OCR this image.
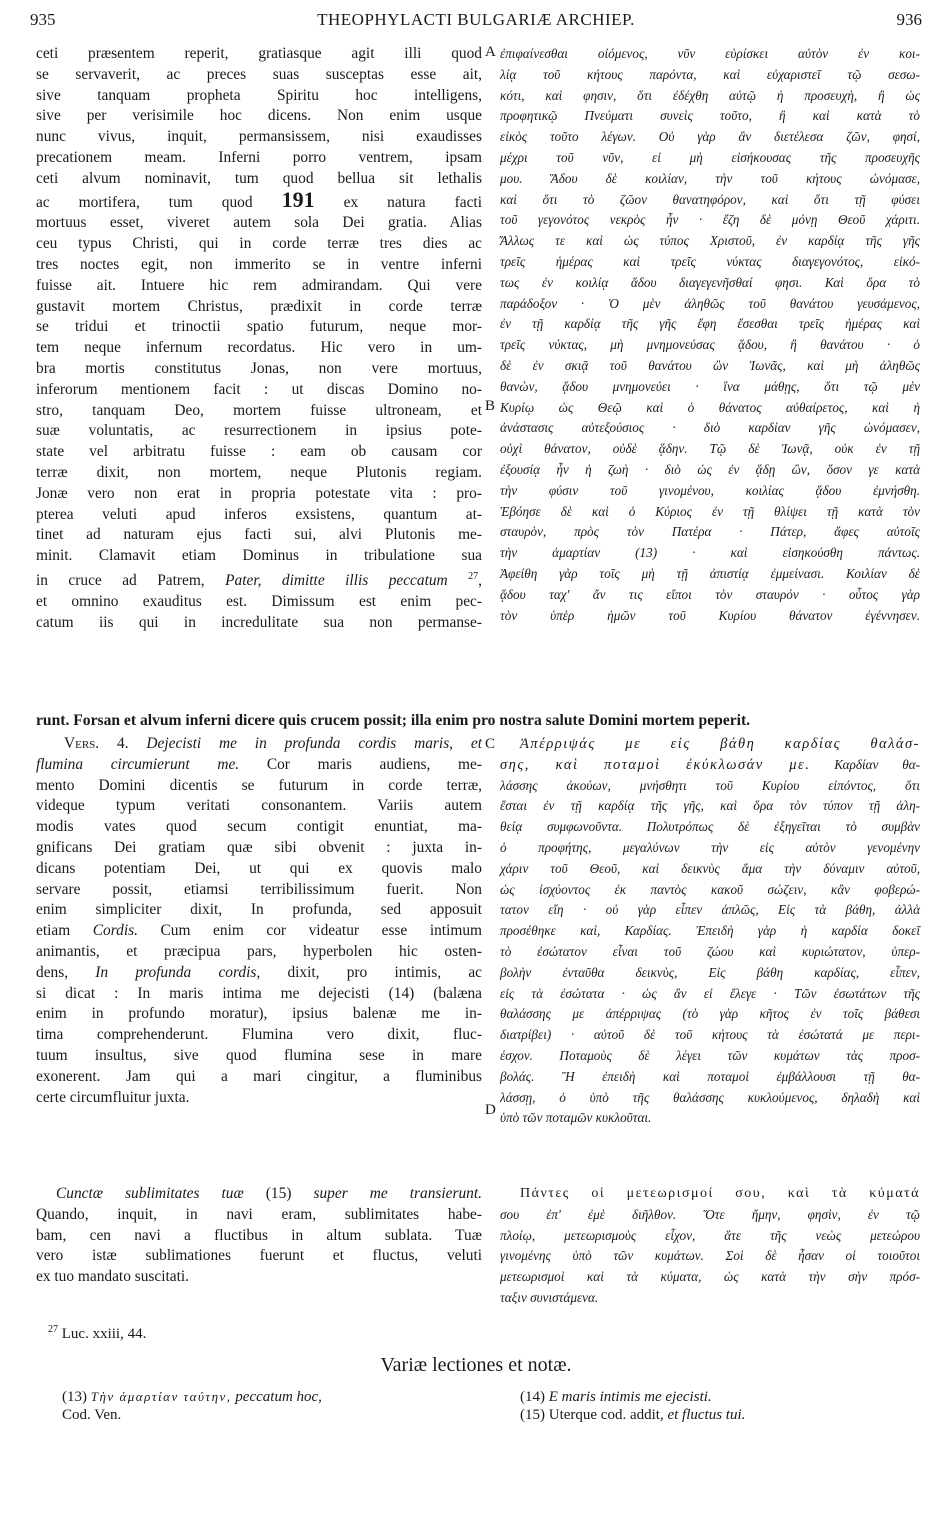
935	THEOPHYLACTI BULGARIÆ ARCHIEP.	936
ceti præsentem reperit, gratiasque agit illi quod
se servaverit, ac preces suas susceptas esse ait,
sive tanquam propheta Spiritu hoc intelligens,
sive per verisimile hoc dicens. Non enim usque
nunc vivus, inquit, permansissem, nisi exaudisses
precationem meam. Inferni porro ventrem, ipsam
ceti alvum nominavit, tum quod bellua sit lethalis
ac mortifera, tum quod 191 ex natura facti
mortuus esset, viveret autem sola Dei gratia. Alias
ceu typus Christi, qui in corde terræ tres dies ac
tres noctes egit, non immerito se in ventre inferni
fuisse ait. Intuere hic rem admirandam. Qui vere
gustavit mortem Christus, prædixit in corde terræ
se tridui et trinoctii spatio futurum, neque mor-
tem neque infernum recordatus. Hic vero in um-
bra mortis constitutus Jonas, non vere mortuus,
inferorum mentionem facit : ut discas Domino no-
stro, tanquam Deo, mortem fuisse ultroneam, et
suæ voluntatis, ac resurrectionem in ipsius pote-
state vel arbitratu fuisse : eam ob causam cor
terræ dixit, non mortem, neque Plutonis regiam.
Jonæ vero non erat in propria potestate vita : pro-
pterea veluti apud inferos exsistens, quantum at-
tinet ad naturam ejus facti sui, alvi Plutonis me-
minit. Clamavit etiam Dominus in tribulatione sua
in cruce ad Patrem, Pater, dimitte illis peccatum $^{27}$,
et omnino exauditus est. Dimissum est enim pec-
catum iis qui in incredulitate sua non permanse-
A
B
C
D
ἐπιφαίνεσθαι οἰόμενος, νῦν εὑρίσκει αὐτὸν ἐν κοι-
λίᾳ τοῦ κήτους παρόντα, καὶ εὐχαριστεῖ τῷ σεσω-
κότι, καὶ φησιν, ὅτι ἐδέχθη αὐτῷ ἡ προσευχὴ, ἢ ὡς
προφητικῷ Πνεύματι συνεὶς τοῦτο, ἢ καὶ κατὰ τὸ
εἰκὸς τοῦτο λέγων. Οὐ γὰρ ἂν διετέλεσα ζῶν, φησί,
μέχρι τοῦ νῦν, εἰ μὴ εἰσήκουσας τῆς προσευχῆς
μου. Ἅδου δὲ κοιλίαν, τὴν τοῦ κήτους ὠνόμασε,
καὶ ὅτι τὸ ζῶον θανατηφόρον, καὶ ὅτι τῇ φύσει
τοῦ γεγονότος νεκρὸς ἦν · ἔζη δὲ μόνῃ Θεοῦ χάριτι.
Ἄλλως τε καὶ ὡς τύπος Χριστοῦ, ἐν καρδίᾳ τῆς γῆς
τρεῖς ἡμέρας καὶ τρεῖς νύκτας διαγεγονότος, εἰκό-
τως ἐν κοιλίᾳ ἅδου διαγεγενῆσθαί φησι. Καὶ ὅρα τὸ
παράδοξον · Ὁ μὲν ἀληθῶς τοῦ θανάτου γευσάμενος,
ἐν τῇ καρδίᾳ τῆς γῆς ἔφη ἔσεσθαι τρεῖς ἡμέρας καὶ
τρεῖς νύκτας, μὴ μνημονεύσας ᾅδου, ἢ θανάτου · ὁ
δὲ ἐν σκιᾷ τοῦ θανάτου ὢν Ἰωνᾶς, καὶ μὴ ἀληθῶς
θανὼν, ᾅδου μνημονεύει · ἵνα μάθῃς, ὅτι τῷ μὲν
Κυρίῳ ὡς Θεῷ καὶ ὁ θάνατος αὐθαίρετος, καὶ ἡ
ἀνάστασις αὐτεξούσιος · διὸ καρδίαν γῆς ὠνόμασεν,
οὐχὶ θάνατον, οὐδὲ ᾅδην. Τῷ δὲ Ἰωνᾷ, οὐκ ἐν τῇ
ἐξουσίᾳ ἦν ἡ ζωὴ · διὸ ὡς ἐν ᾅδῃ ὢν, ὅσον γε κατὰ
τὴν φύσιν τοῦ γινομένου, κοιλίας ᾅδου ἐμνήσθη.
Ἐβόησε δὲ καὶ ὁ Κύριος ἐν τῇ θλίψει τῇ κατὰ τὸν
σταυρὸν, πρὸς τὸν Πατέρα · Πάτερ, ἄφες αὐτοῖς
τὴν ἁμαρτίαν (13) · καὶ εἰσηκούσθη πάντως.
Ἀφείθη γὰρ τοῖς μὴ τῇ ἀπιστίᾳ ἐμμείνασι. Κοιλίαν δὲ
ᾅδου ταχ' ἄν τις εἴποι τὸν σταυρόν · οὗτος γὰρ
τὸν ὑπὲρ ἡμῶν τοῦ Κυρίου θάνατον ἐγέννησεν.
runt. Forsan et alvum inferni dicere quis crucem possit; illa enim pro nostra salute Domini mortem peperit.
Vers. 4. Dejecisti me in profunda cordis maris, et
flumina circumierunt me. Cor maris audiens, me-
mento Domini dicentis se futurum in corde terræ,
videque typum veritati consonantem. Variis autem
modis vates quod secum contigit enuntiat, ma-
gnificans Dei gratiam quæ sibi obvenit : juxta in-
dicans potentiam Dei, ut qui ex quovis malo
servare possit, etiamsi terribilissimum fuerit. Non
enim simpliciter dixit, In profunda, sed apposuit
etiam Cordis. Cum enim cor videatur esse intimum
animantis, et præcipua pars, hyperbolen hic osten-
dens, In profunda cordis, dixit, pro intimis, ac
si dicat : In maris intima me dejecisti (14) (balæna
enim in profundo moratur), ipsius balenæ me in-
tima comprehenderunt. Flumina vero dixit, fluc-
tuum insultus, sive quod flumina sese in mare
exonerent. Jam qui a mari cingitur, a fluminibus
certe circumfluitur juxta.
Ἀπέρριψάς με εἰς βάθη καρδίας θαλάσ-
σης, καὶ ποταμοὶ ἐκύκλωσάν με. Καρδίαν θα-
λάσσης ἀκούων, μνήσθητι τοῦ Κυρίου εἰπόντος, ὅτι
ἔσται ἐν τῇ καρδίᾳ τῆς γῆς, καὶ ὅρα τὸν τύπον τῇ ἀλη-
θείᾳ συμφωνοῦντα. Πολυτρόπως δὲ ἐξηγεῖται τὸ συμβὰν
ὁ προφήτης, μεγαλύνων τὴν εἰς αὐτὸν γενομένην
χάριν τοῦ Θεοῦ, καὶ δεικνὺς ἅμα τὴν δύναμιν αὐτοῦ,
ὡς ἰσχύοντος ἐκ παντὸς κακοῦ σώζειν, κἂν φοβερώ-
τατον εἴη · οὐ γὰρ εἶπεν ἁπλῶς, Εἰς τὰ βάθη, ἀλλὰ
προσέθηκε καὶ, Καρδίας. Ἐπειδὴ γὰρ ἡ καρδία δοκεῖ
τὸ ἐσώτατον εἶναι τοῦ ζώου καὶ κυριώτατον, ὑπερ-
βολὴν ἐνταῦθα δεικνὺς, Εἰς βάθη καρδίας, εἶπεν,
εἰς τὰ ἐσώτατα · ὡς ἂν εἰ ἔλεγε · Τῶν ἐσωτάτων τῆς
θαλάσσης με ἀπέρριψας (τὸ γὰρ κῆτος ἐν τοῖς βάθεσι
διατρίβει) · αὐτοῦ δὲ τοῦ κήτους τὰ ἐσώτατά με περι-
έσχον. Ποταμοὺς δὲ λέγει τῶν κυμάτων τὰς προσ-
βολάς. Ἢ ἐπειδὴ καὶ ποταμοὶ ἐμβάλλουσι τῇ θα-
λάσσῃ, ὁ ὑπὸ τῆς θαλάσσης κυκλούμενος, δηλαδὴ καὶ
ὑπὸ τῶν ποταμῶν κυκλοῦται.
Cunctæ sublimitates tuæ (15) super me transierunt.
Quando, inquit, in navi eram, sublimitates habe-
bam, cen navi a fluctibus in altum sublata. Tuæ
vero istæ sublimationes fuerunt et fluctus, veluti
ex tuo mandato suscitati.
Πάντες οἱ μετεωρισμοί σου, καὶ τὰ κύματά
σου ἐπ' ἐμὲ διῆλθον. Ὅτε ἤμην, φησὶν, ἐν τῷ
πλοίῳ, μετεωρισμοὺς εἶχον, ἅτε τῆς νεὼς μετεώρου
γινομένης ὑπὸ τῶν κυμάτων. Σοὶ δὲ ἦσαν οἱ τοιοῦτοι
μετεωρισμοὶ καὶ τὰ κύματα, ὡς κατὰ τὴν σὴν πρόσ-
ταξιν συνιστάμενα.
$^{27}$ Luc. xxiii, 44.
Variæ lectiones et notæ.
(13) Τὴν ἁμαρτίαν ταύτην, peccatum hoc,
Cod. Ven.
(14) E maris intimis me ejecisti.
(15) Uterque cod. addit, et fluctus tui.
